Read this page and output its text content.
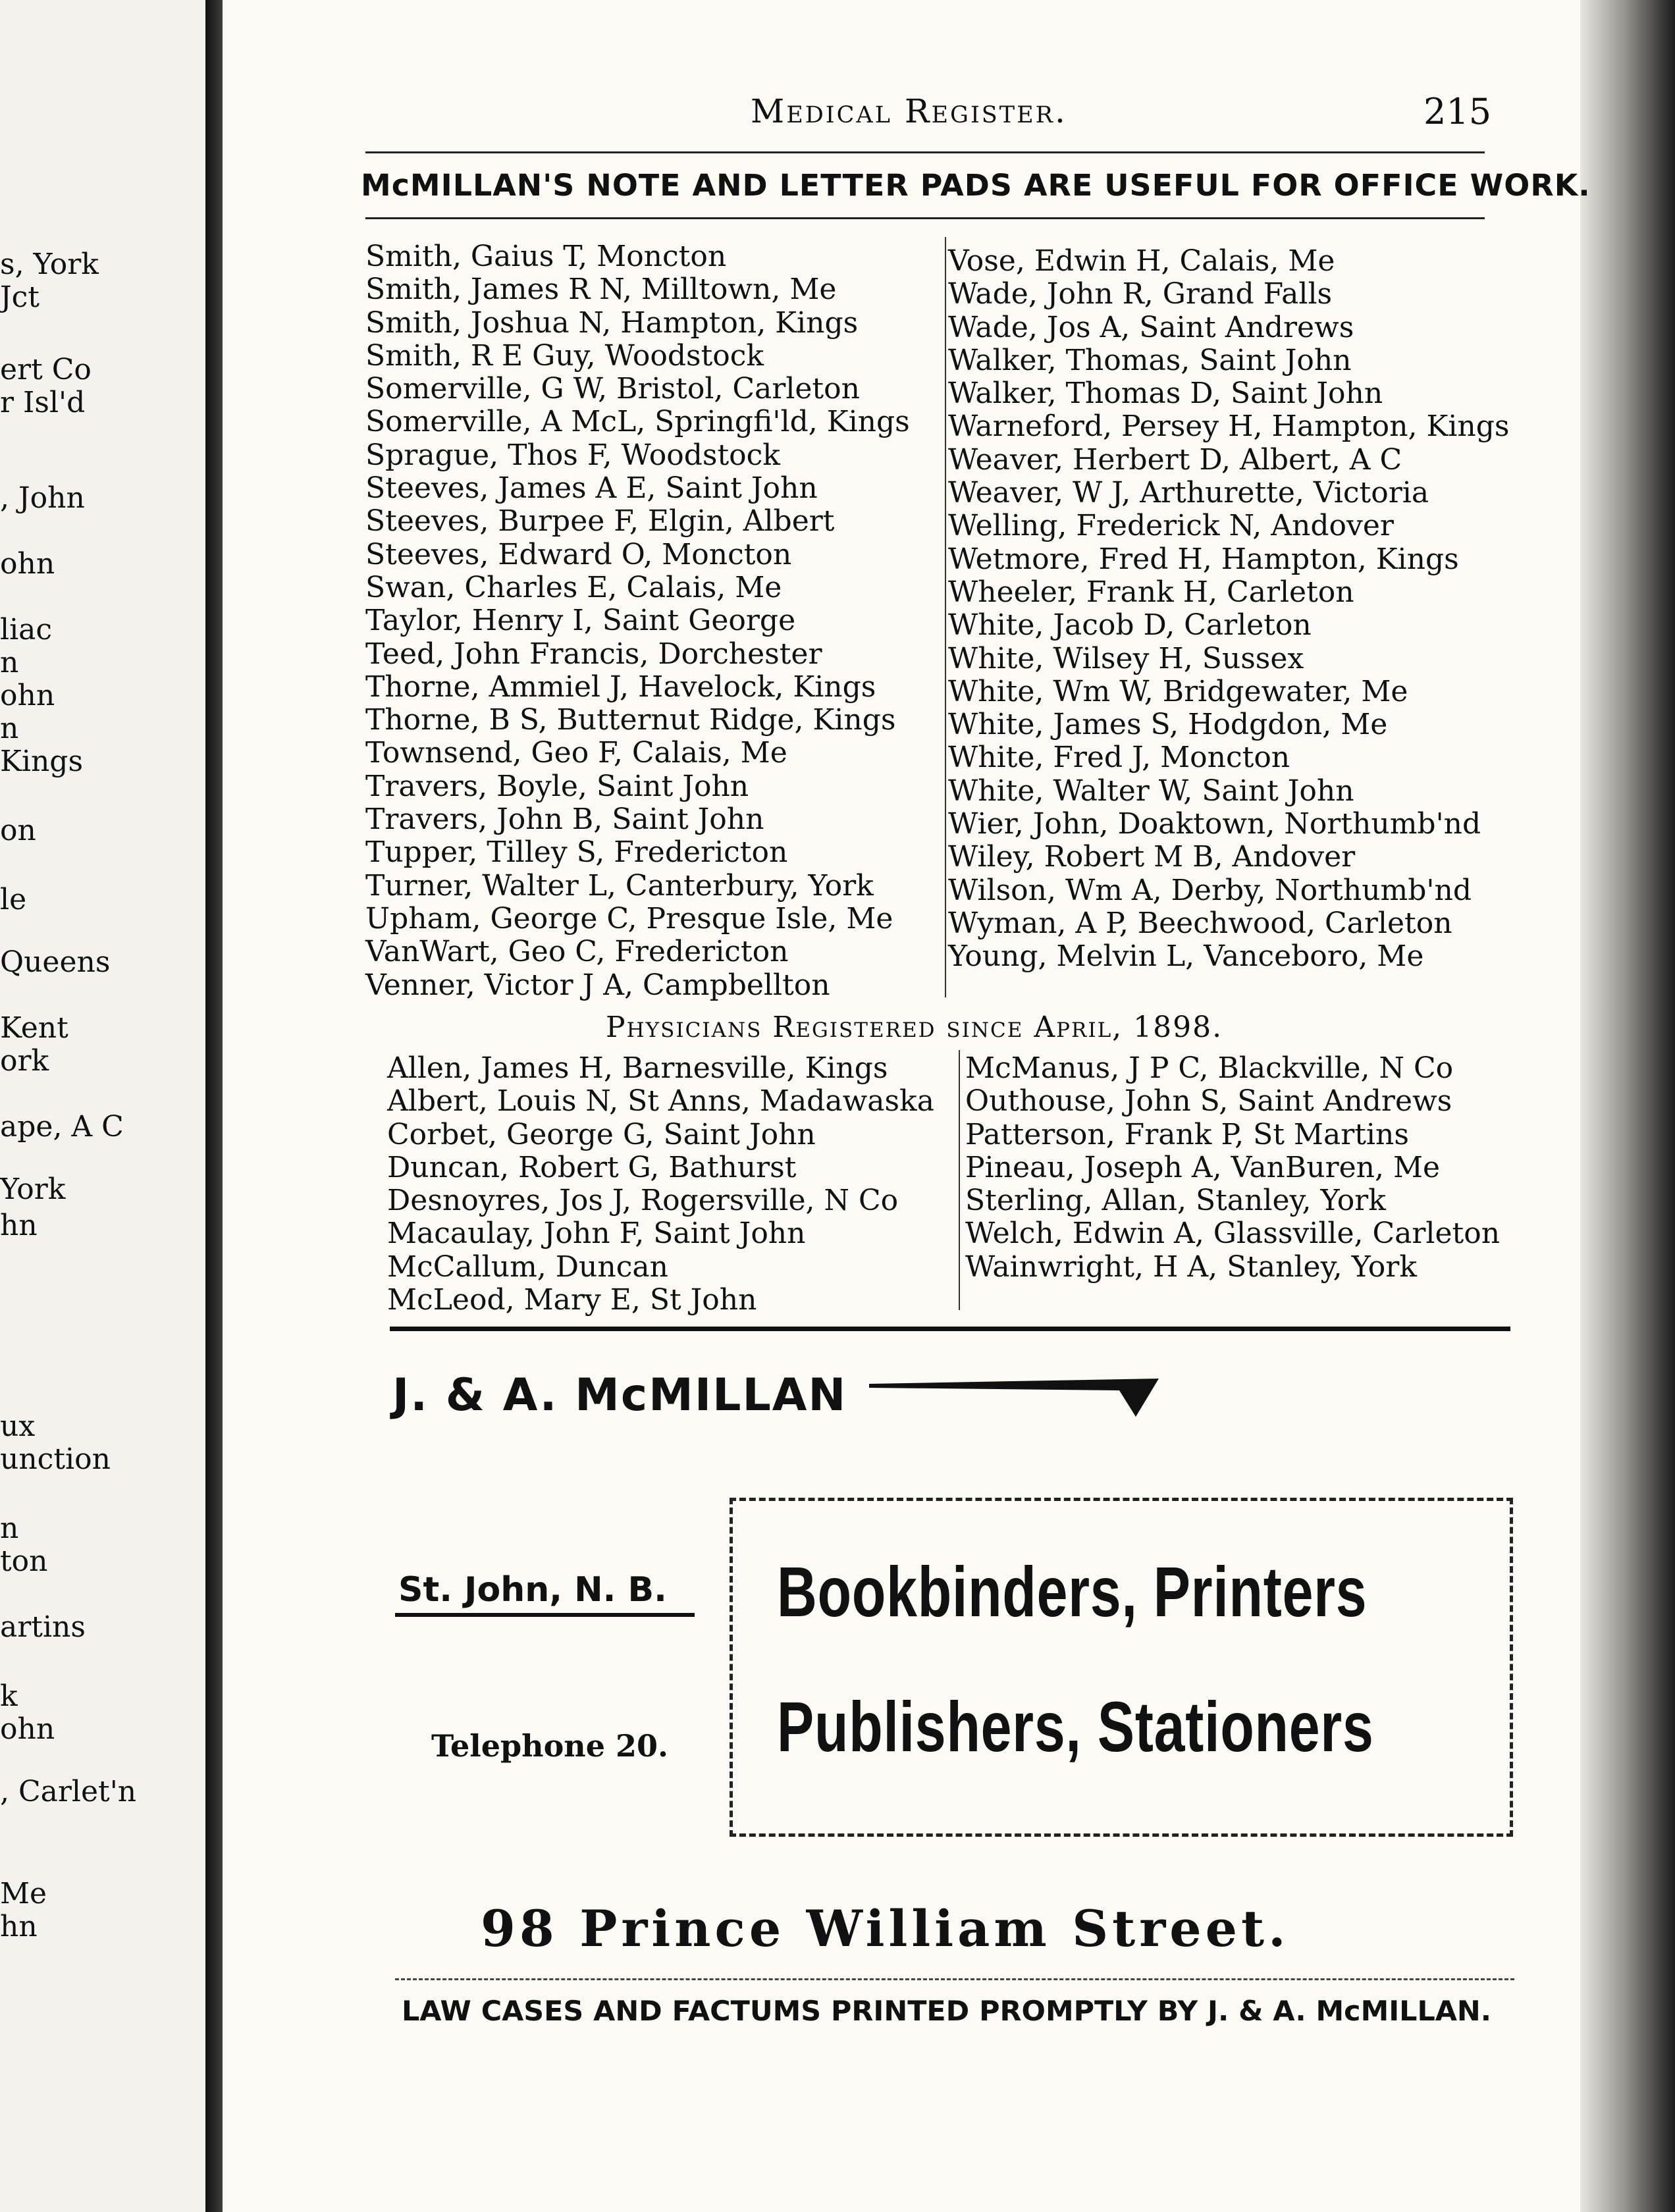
s, York
Jct
ert Co
r Isl'd
, John
ohn
liac
n
ohn
n
Kings
on
le
Queens
Kent
ork
ape, A C
York
hn
ux
unction
n
ton
artins
k
ohn
, Carlet'n
Me
hn
Medical Register.	215
McMILLAN'S NOTE AND LETTER PADS ARE USEFUL FOR OFFICE WORK.
Smith, Gaius T, Moncton
Smith, James R N, Milltown, Me
Smith, Joshua N, Hampton, Kings
Smith, R E Guy, Woodstock
Somerville, G W, Bristol, Carleton
Somerville, A McL, Springfi'ld, Kings
Sprague, Thos F, Woodstock
Steeves, James A E, Saint John
Steeves, Burpee F, Elgin, Albert
Steeves, Edward O, Moncton
Swan, Charles E, Calais, Me
Taylor, Henry I, Saint George
Teed, John Francis, Dorchester
Thorne, Ammiel J, Havelock, Kings
Thorne, B S, Butternut Ridge, Kings
Townsend, Geo F, Calais, Me
Travers, Boyle, Saint John
Travers, John B, Saint John
Tupper, Tilley S, Fredericton
Turner, Walter L, Canterbury, York
Upham, George C, Presque Isle, Me
VanWart, Geo C, Fredericton
Venner, Victor J A, Campbellton
Vose, Edwin H, Calais, Me
Wade, John R, Grand Falls
Wade, Jos A, Saint Andrews
Walker, Thomas, Saint John
Walker, Thomas D, Saint John
Warneford, Persey H, Hampton, Kings
Weaver, Herbert D, Albert, A C
Weaver, W J, Arthurette, Victoria
Welling, Frederick N, Andover
Wetmore, Fred H, Hampton, Kings
Wheeler, Frank H, Carleton
White, Jacob D, Carleton
White, Wilsey H, Sussex
White, Wm W, Bridgewater, Me
White, James S, Hodgdon, Me
White, Fred J, Moncton
White, Walter W, Saint John
Wier, John, Doaktown, Northumb'nd
Wiley, Robert M B, Andover
Wilson, Wm A, Derby, Northumb'nd
Wyman, A P, Beechwood, Carleton
Young, Melvin L, Vanceboro, Me
Physicians Registered since April, 1898.
Allen, James H, Barnesville, Kings
Albert, Louis N, St Anns, Madawaska
Corbet, George G, Saint John
Duncan, Robert G, Bathurst
Desnoyres, Jos J, Rogersville, N Co
Macaulay, John F, Saint John
McCallum, Duncan
McLeod, Mary E, St John
McManus, J P C, Blackville, N Co
Outhouse, John S, Saint Andrews
Patterson, Frank P, St Martins
Pineau, Joseph A, VanBuren, Me
Sterling, Allan, Stanley, York
Welch, Edwin A, Glassville, Carleton
Wainwright, H A, Stanley, York
J. & A. McMILLAN
St. John, N. B.
Telephone 20.
Bookbinders, Printers
Publishers, Stationers
98 Prince William Street.
LAW CASES AND FACTUMS PRINTED PROMPTLY BY J. & A. McMILLAN.
